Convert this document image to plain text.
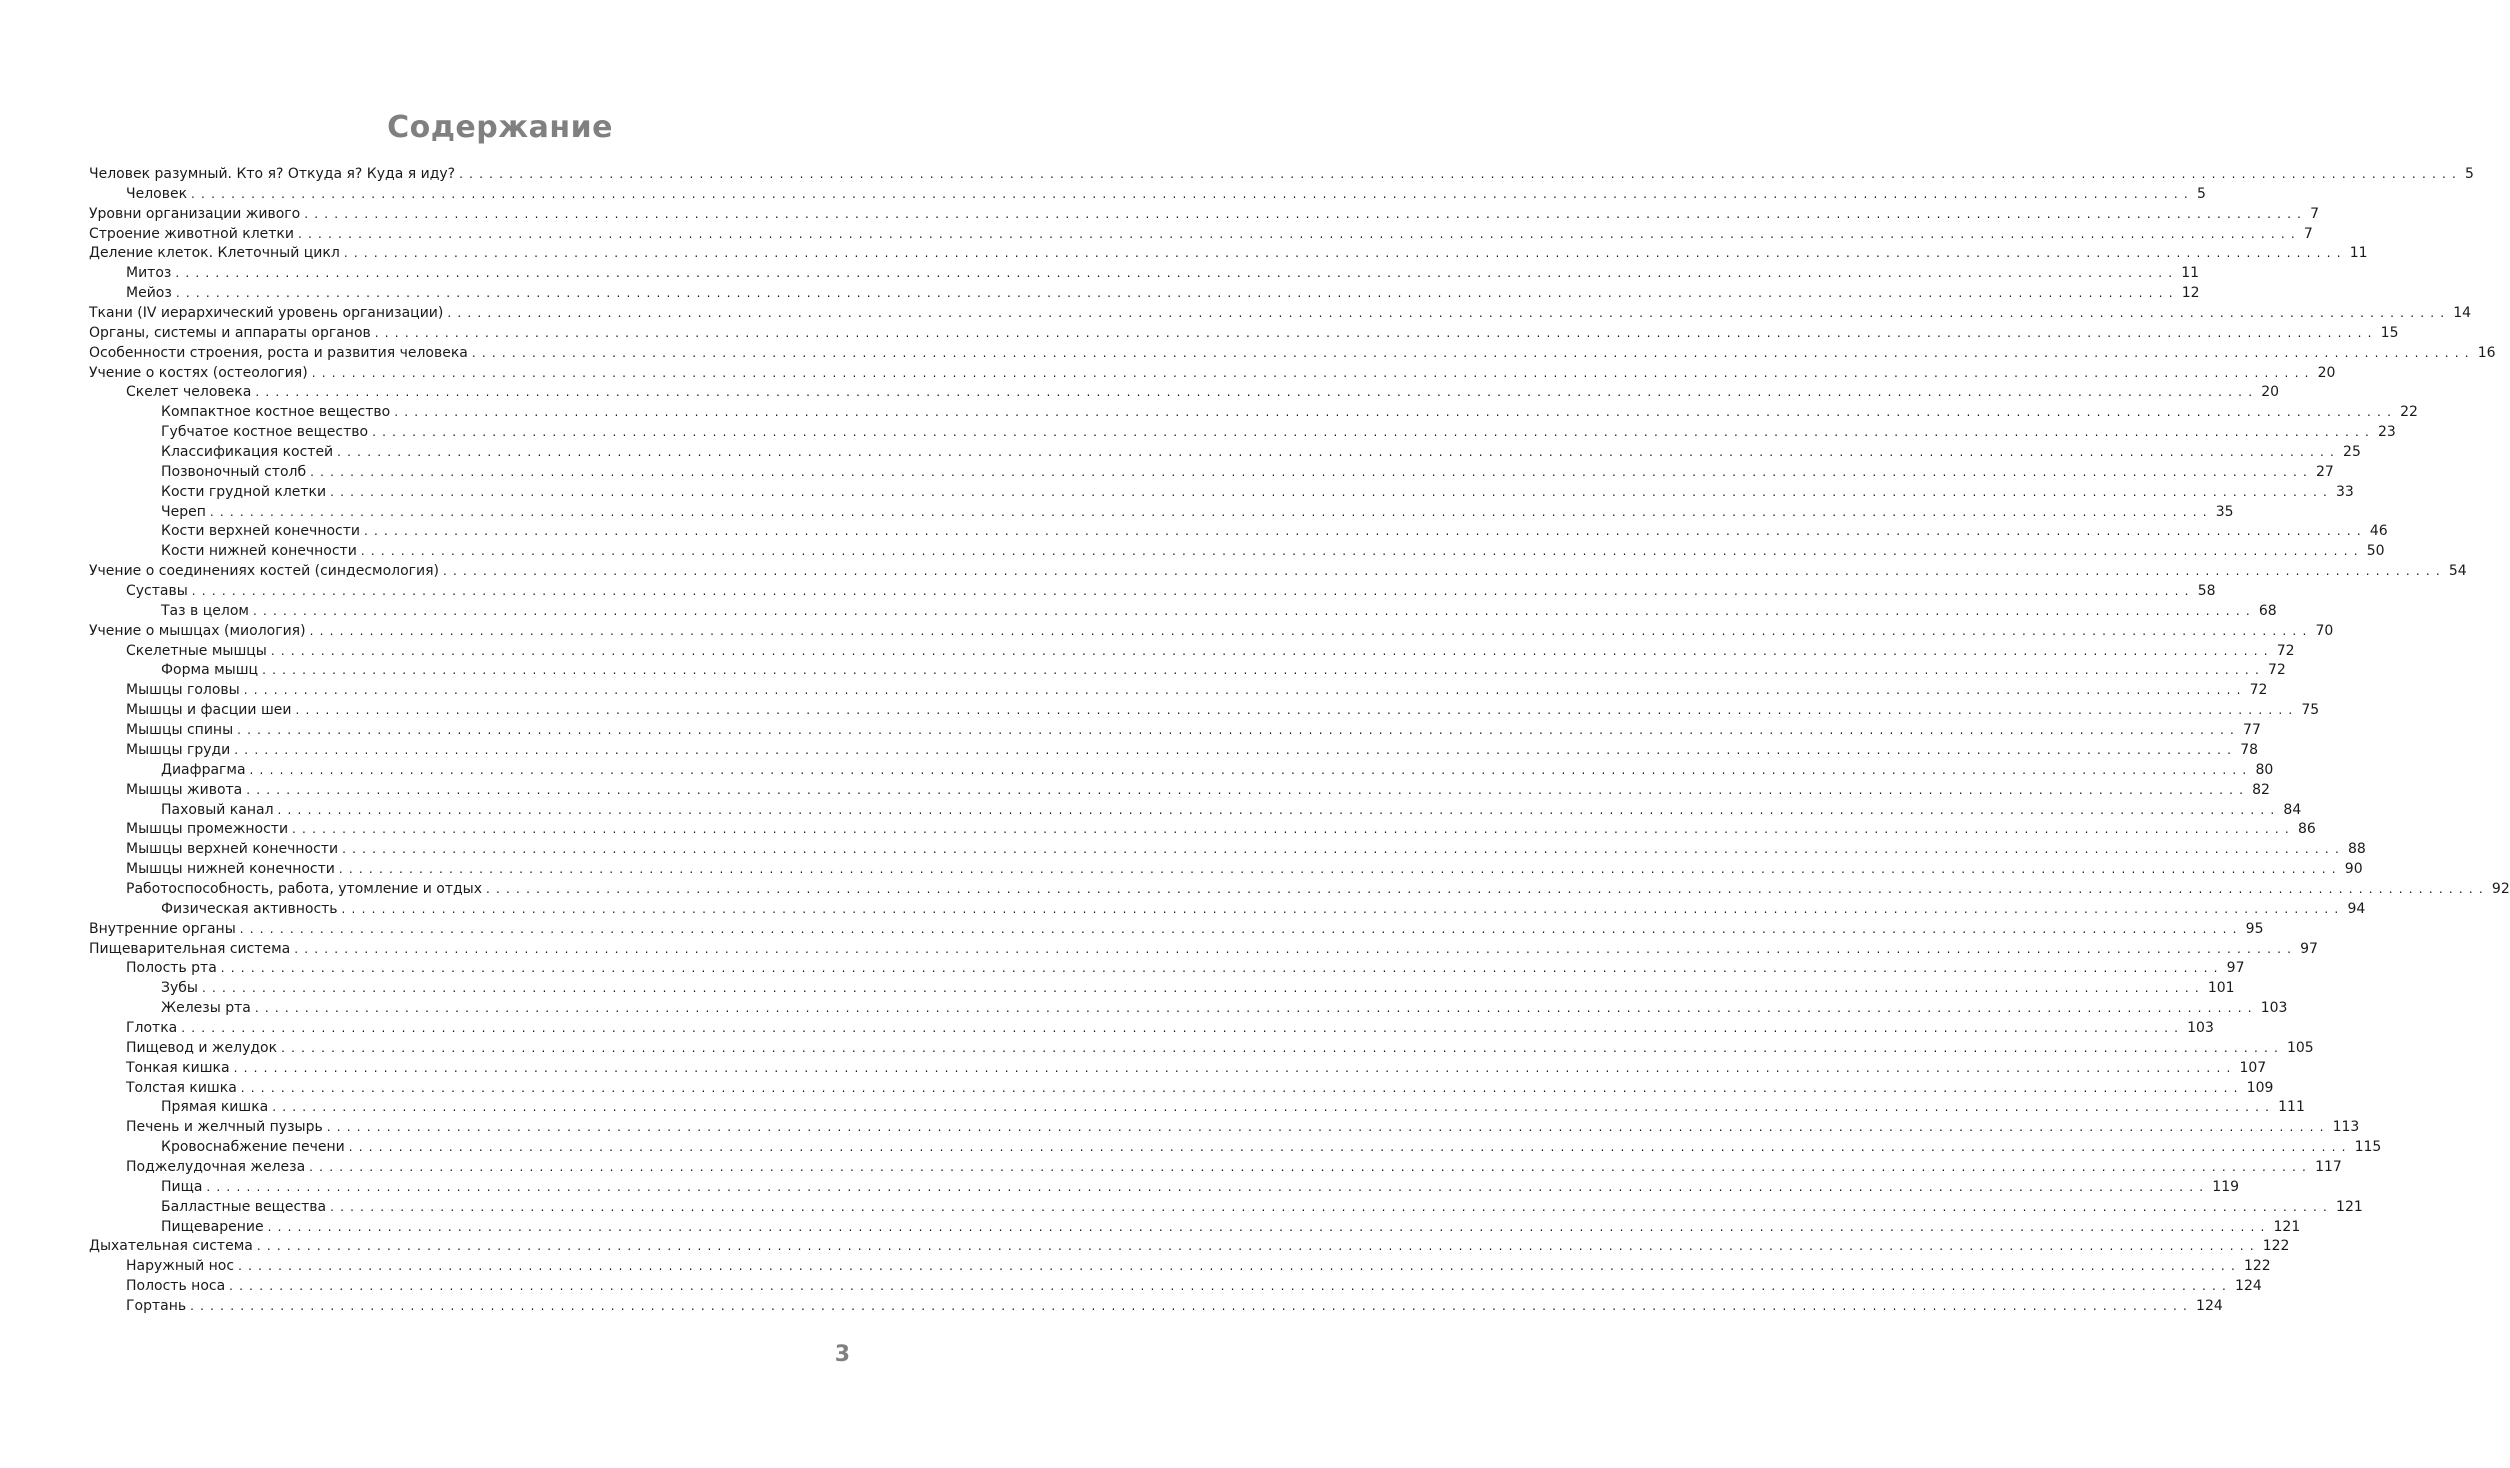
Содержание
Человек разумный. Кто я? Откуда я? Куда я иду? ........................................................................................................................................................................................................ 5
Человек ........................................................................................................................................................................................................ 5
Уровни организации живого ........................................................................................................................................................................................................ 7
Строение животной клетки ........................................................................................................................................................................................................ 7
Деление клеток. Клеточный цикл ........................................................................................................................................................................................................ 11
Митоз ........................................................................................................................................................................................................ 11
Мейоз ........................................................................................................................................................................................................ 12
Ткани (IV иерархический уровень организации) ........................................................................................................................................................................................................ 14
Органы, системы и аппараты органов ........................................................................................................................................................................................................ 15
Особенности строения, роста и развития человека ........................................................................................................................................................................................................ 16
Учение о костях (остеология) ........................................................................................................................................................................................................ 20
Скелет человека ........................................................................................................................................................................................................ 20
Компактное костное вещество ........................................................................................................................................................................................................ 22
Губчатое костное вещество ........................................................................................................................................................................................................ 23
Классификация костей ........................................................................................................................................................................................................ 25
Позвоночный столб ........................................................................................................................................................................................................ 27
Кости грудной клетки ........................................................................................................................................................................................................ 33
Череп ........................................................................................................................................................................................................ 35
Кости верхней конечности ........................................................................................................................................................................................................ 46
Кости нижней конечности ........................................................................................................................................................................................................ 50
Учение о соединениях костей (синдесмология) ........................................................................................................................................................................................................ 54
Суставы ........................................................................................................................................................................................................ 58
Таз в целом ........................................................................................................................................................................................................ 68
Учение о мышцах (миология) ........................................................................................................................................................................................................ 70
Скелетные мышцы ........................................................................................................................................................................................................ 72
Форма мышц ........................................................................................................................................................................................................ 72
Мышцы головы ........................................................................................................................................................................................................ 72
Мышцы и фасции шеи ........................................................................................................................................................................................................ 75
Мышцы спины ........................................................................................................................................................................................................ 77
Мышцы груди ........................................................................................................................................................................................................ 78
Диафрагма ........................................................................................................................................................................................................ 80
Мышцы живота ........................................................................................................................................................................................................ 82
Паховый канал ........................................................................................................................................................................................................ 84
Мышцы промежности ........................................................................................................................................................................................................ 86
Мышцы верхней конечности ........................................................................................................................................................................................................ 88
Мышцы нижней конечности ........................................................................................................................................................................................................ 90
Работоспособность, работа, утомление и отдых ........................................................................................................................................................................................................ 92
Физическая активность ........................................................................................................................................................................................................ 94
Внутренние органы ........................................................................................................................................................................................................ 95
Пищеварительная система ........................................................................................................................................................................................................ 97
Полость рта ........................................................................................................................................................................................................ 97
Зубы ........................................................................................................................................................................................................ 101
Железы рта ........................................................................................................................................................................................................ 103
Глотка ........................................................................................................................................................................................................ 103
Пищевод и желудок ........................................................................................................................................................................................................ 105
Тонкая кишка ........................................................................................................................................................................................................ 107
Толстая кишка ........................................................................................................................................................................................................ 109
Прямая кишка ........................................................................................................................................................................................................ 111
Печень и желчный пузырь ........................................................................................................................................................................................................ 113
Кровоснабжение печени ........................................................................................................................................................................................................ 115
Поджелудочная железа ........................................................................................................................................................................................................ 117
Пища ........................................................................................................................................................................................................ 119
Балластные вещества ........................................................................................................................................................................................................ 121
Пищеварение ........................................................................................................................................................................................................ 121
Дыхательная система ........................................................................................................................................................................................................ 122
Наружный нос ........................................................................................................................................................................................................ 122
Полость носа ........................................................................................................................................................................................................ 124
Гортань ........................................................................................................................................................................................................ 124
3
